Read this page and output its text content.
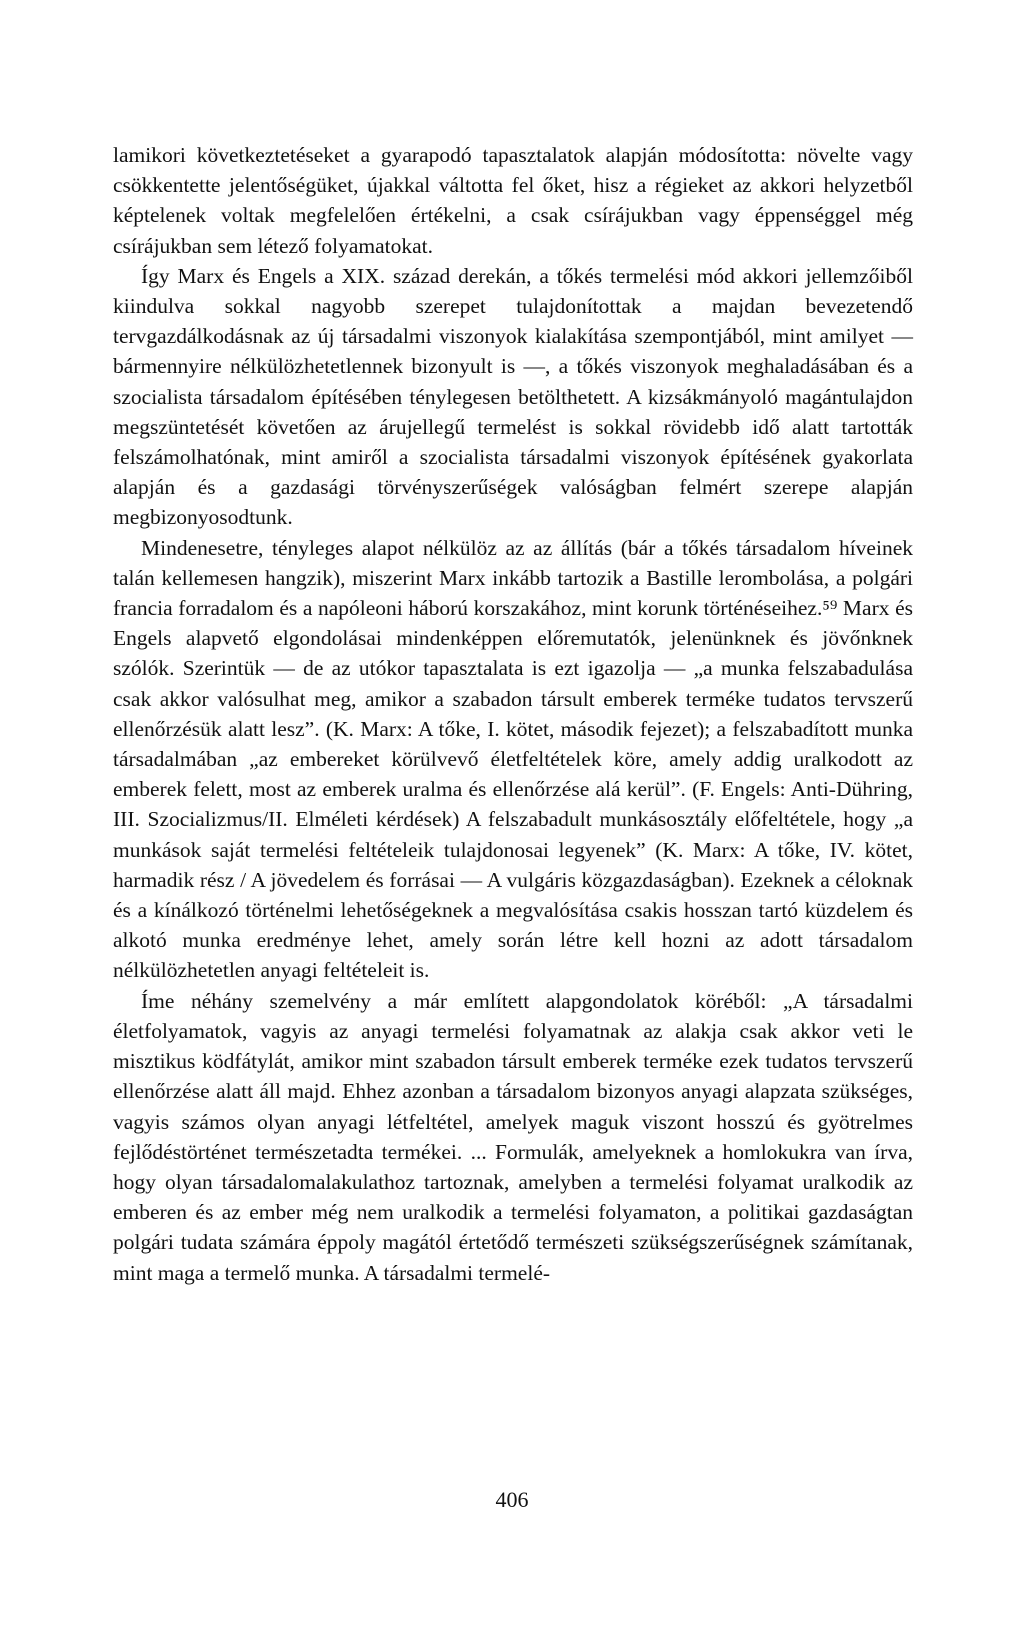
lamikori következtetéseket a gyarapodó tapasztalatok alapján módosította: növelte vagy csökkentette jelentőségüket, újakkal váltotta fel őket, hisz a régieket az akkori helyzetből képtelenek voltak megfelelően értékelni, a csak csírájukban vagy éppenséggel még csírájukban sem létező folyamatokat.

Így Marx és Engels a XIX. század derekán, a tőkés termelési mód akkori jellemzőiből kiindulva sokkal nagyobb szerepet tulajdonítottak a majdan bevezetendő tervgazdálkodásnak az új társadalmi viszonyok kialakítása szempontjából, mint amilyet — bármennyire nélkülözhetetlennek bizonyult is —, a tőkés viszonyok meghaladásában és a szocialista társadalom építésében ténylegesen betölthetett. A kizsákmányoló magántulajdon megszüntetését követően az árujellegű termelést is sokkal rövidebb idő alatt tartották felszámolhatónak, mint amiről a szocialista társadalmi viszonyok építésének gyakorlata alapján és a gazdasági törvényszerűségek valóságban felmért szerepe alapján megbizonyosodtunk.

Mindenesetre, tényleges alapot nélkülöz az az állítás (bár a tőkés társadalom híveinek talán kellemesen hangzik), miszerint Marx inkább tartozik a Bastille lerombolása, a polgári francia forradalom és a napóleoni háború korszakához, mint korunk történéseihez.⁵⁹ Marx és Engels alapvető elgondolásai mindenképpen előremutatók, jelenünknek és jövőnknek szólók. Szerintük — de az utókor tapasztalata is ezt igazolja — „a munka felszabadulása csak akkor valósulhat meg, amikor a szabadon társult emberek terméke tudatos tervszerű ellenőrzésük alatt lesz”. (K. Marx: A tőke, I. kötet, második fejezet); a felszabadított munka társadalmában „az embereket körülvevő életfeltételek köre, amely addig uralkodott az emberek felett, most az emberek uralma és ellenőrzése alá kerül”. (F. Engels: Anti-Dühring, III. Szocializmus/II. Elméleti kérdések) A felszabadult munkásosztály előfeltétele, hogy „a munkások saját termelési feltételeik tulajdonosai legyenek” (K. Marx: A tőke, IV. kötet, harmadik rész / A jövedelem és forrásai — A vulgáris közgazdaságban). Ezeknek a céloknak és a kínálkozó történelmi lehetőségeknek a megvalósítása csakis hosszan tartó küzdelem és alkotó munka eredménye lehet, amely során létre kell hozni az adott társadalom nélkülözhetetlen anyagi feltételeit is.

Íme néhány szemelvény a már említett alapgondolatok köréből: „A társadalmi életfolyamatok, vagyis az anyagi termelési folyamatnak az alakja csak akkor veti le misztikus ködfátylát, amikor mint szabadon társult emberek terméke ezek tudatos tervszerű ellenőrzése alatt áll majd. Ehhez azonban a társadalom bizonyos anyagi alapzata szükséges, vagyis számos olyan anyagi létfeltétel, amelyek maguk viszont hosszú és gyötrelmes fejlődéstörténet természetadta termékei. ... Formulák, amelyeknek a homlokukra van írva, hogy olyan társadalomalakulathoz tartoznak, amelyben a termelési folyamat uralkodik az emberen és az ember még nem uralkodik a termelési folyamaton, a politikai gazdaságtan polgári tudata számára éppoly magától értetődő természeti szükségszerűségnek számítanak, mint maga a termelő munka. A társadalmi termelé-

406
